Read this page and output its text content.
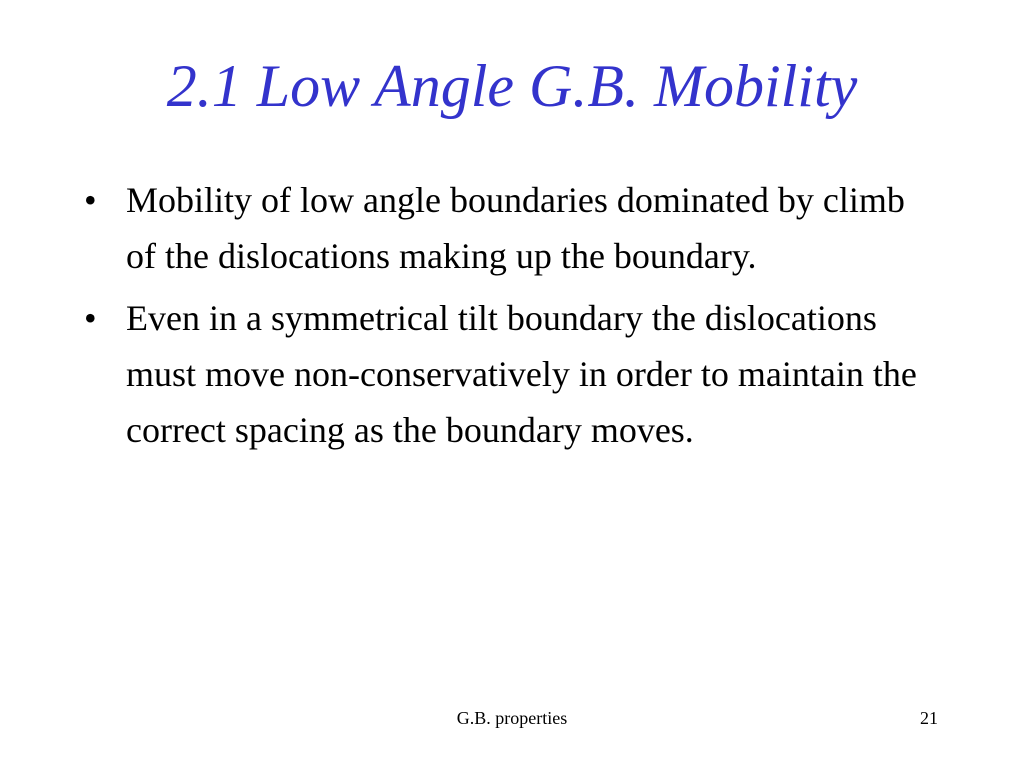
2.1 Low Angle G.B. Mobility
• Mobility of low angle boundaries dominated by climb of the dislocations making up the boundary.
• Even in a symmetrical tilt boundary the dislocations must move non-conservatively in order to maintain the correct spacing as the boundary moves.
G.B. properties	21
